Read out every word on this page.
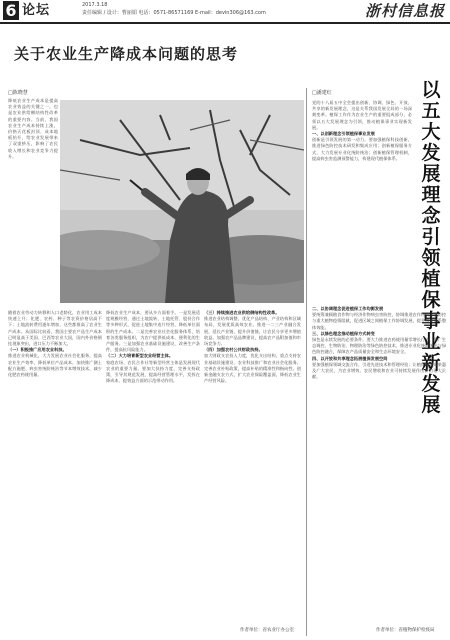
6 论坛	2017.3.18
责任编辑 / 设计：曹丽娟 电话：0571-86571169 E-mail：devin306@163.com	浙村信息报
关于农业生产降成本问题的思考
□陈晓慧
降低农业生产成本是提高农业效益的关键之一，也是农业供给侧结构性改革的重要内容。当前，我国农业生产成本持续上涨，价格天花板封顶、成本地板抬升，给农业发展带来了双重挤压，影响了农民收入增长和农业竞争力提升。
随着农业劳动力转移和人口老龄化，农业用工成本快速上升；化肥、农药、种子等农资价格居高不下；土地流转费用逐年增加，这些都推高了农业生产成本。从国际比较看，我国主要农产品生产成本已明显高于美国、巴西等农业大国，国内外价格倒挂现象突出，进口压力不断加大。
（一）积极推广应用农业科技。
推进农业机械化，大力发展农业社会化服务，提高农业生产效率，降低单位产品成本。加快推广测土配方施肥、病虫害统防统治等节本增效技术，减少化肥农药使用量。
降低农业生产成本，要从多方面着手。一是发展适度规模经营，通过土地流转、土地托管、股份合作等多种形式，促进土地集中连片经营，降低单位面积的生产成本。二是完善农业社会化服务体系，培育各类服务组织，为农户提供低成本、便利化的生产服务。三是加强农业基础设施建设，改善生产条件，提高抗风险能力。
（二）大力培育新型农业经营主体。
家庭农场、农民合作社等新型经营主体是发展现代农业的重要力量。要加大扶持力度，完善支持政策，引导其规范发展，提高经营管理水平，发挥在降成本、提效益方面的示范带动作用。
（三）持续推进农业供给侧结构性改革。
推进农业结构调整，优化产品结构、产业结构和区域布局，发展优质高效农业。推进一二三产业融合发展，延长产业链、提升价值链，让农民分享更多增值收益。加强农产品品牌建设，提高农产品附加值和市场竞争力。
（四）加强农村公共财政扶持。
加大财政支农投入力度，优化支出结构，重点支持农业基础设施建设、农业科技推广和农业社会化服务。完善农业补贴政策，提高补贴的精准性和指向性。创新金融支农方式，扩大农业保险覆盖面，降低农业生产经营风险。
作者单位：省农业厅办公室
□潘建红	以
五
大
发
展
理
念
引
领
植
保
事
业
新
发
展
党的十八届五中全会提出创新、协调、绿色、开放、共享的新发展理念，这是关系我国发展全局的一场深刻变革。植保工作作为农业生产的重要组成部分，必须以五大发展理念为引领，推动植保事业实现新发展。
一、以创新理念引领植保事业发展
创新是引领发展的第一动力。要加强植保科技创新，推进绿色防控技术研发和集成应用；创新植保服务方式，大力发展专业化统防统治；创新植保管理机制，提高病虫害监测预警能力，构建现代植保体系。
二、以协调理念促进植保工作均衡发展
要统筹兼顾粮食作物与经济作物病虫害防控，协调推进农作物病虫害防控与重大植物疫情阻截，促进区域之间植保工作协调发展，提升植保体系整体效能。
三、以绿色理念推动植保方式转变
绿色是永续发展的必要条件。要大力推进农药使用量零增长行动，推广生态调控、生物防治、物理防治等绿色防控技术，推进专业化统防统治与绿色防控融合，保障农产品质量安全和生态环境安全。
四、以开放和共享理念拓展植保发展空间
要加强植保领域交流合作，引进先进技术和管理经验；让植保发展成果惠及广大农民，为农业增效、农民增收和农业可持续发展作出新的更大贡献。
作者单位：省植物保护检疫局
